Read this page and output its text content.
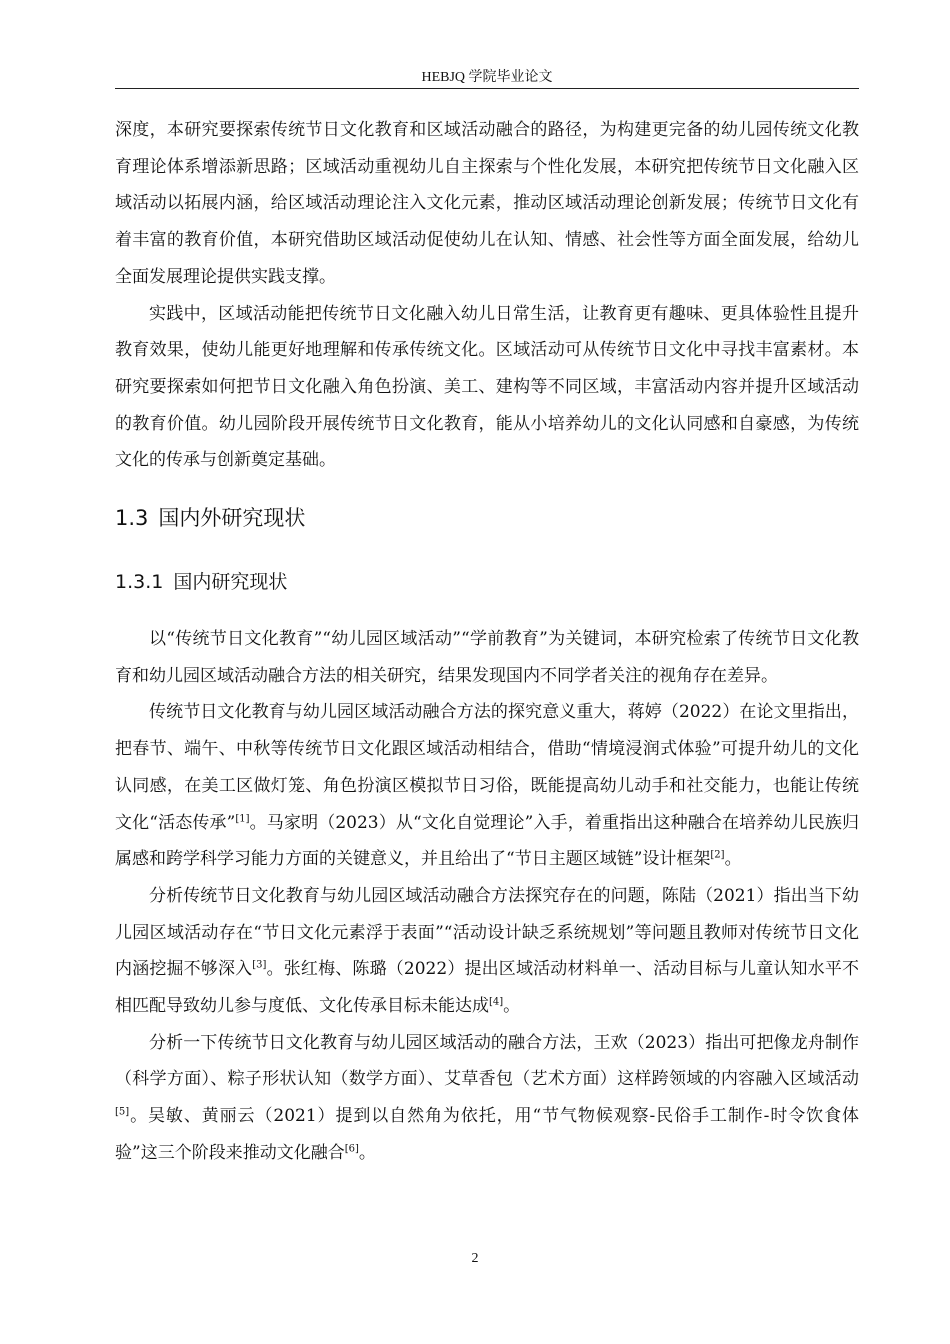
HEBJQ 学院毕业论文

深度，本研究要探索传统节日文化教育和区域活动融合的路径，为构建更完备的幼儿园传统文化教育理论体系增添新思路；区域活动重视幼儿自主探索与个性化发展，本研究把传统节日文化融入区域活动以拓展内涵，给区域活动理论注入文化元素，推动区域活动理论创新发展；传统节日文化有着丰富的教育价值，本研究借助区域活动促使幼儿在认知、情感、社会性等方面全面发展，给幼儿全面发展理论提供实践支撑。

实践中，区域活动能把传统节日文化融入幼儿日常生活，让教育更有趣味、更具体验性且提升教育效果，使幼儿能更好地理解和传承传统文化。区域活动可从传统节日文化中寻找丰富素材。本研究要探索如何把节日文化融入角色扮演、美工、建构等不同区域，丰富活动内容并提升区域活动的教育价值。幼儿园阶段开展传统节日文化教育，能从小培养幼儿的文化认同感和自豪感，为传统文化的传承与创新奠定基础。

1.3 国内外研究现状
1.3.1 国内研究现状

以“传统节日文化教育”“幼儿园区域活动”“学前教育”为关键词，本研究检索了传统节日文化教育和幼儿园区域活动融合方法的相关研究，结果发现国内不同学者关注的视角存在差异。

传统节日文化教育与幼儿园区域活动融合方法的探究意义重大，蒋婷（2022）在论文里指出，把春节、端午、中秋等传统节日文化跟区域活动相结合，借助“情境浸润式体验”可提升幼儿的文化认同感，在美工区做灯笼、角色扮演区模拟节日习俗，既能提高幼儿动手和社交能力，也能让传统文化“活态传承”[1]。马家明（2023）从“文化自觉理论”入手，着重指出这种融合在培养幼儿民族归属感和跨学科学习能力方面的关键意义，并且给出了“节日主题区域链”设计框架[2]。

分析传统节日文化教育与幼儿园区域活动融合方法探究存在的问题，陈陆（2021）指出当下幼儿园区域活动存在“节日文化元素浮于表面”“活动设计缺乏系统规划”等问题且教师对传统节日文化内涵挖掘不够深入[3]。张红梅、陈璐（2022）提出区域活动材料单一、活动目标与儿童认知水平不相匹配导致幼儿参与度低、文化传承目标未能达成[4]。

分析一下传统节日文化教育与幼儿园区域活动的融合方法，王欢（2023）指出可把像龙舟制作（科学方面）、粽子形状认知（数学方面）、艾草香包（艺术方面）这样跨领域的内容融入区域活动[5]。吴敏、黄丽云（2021）提到以自然角为依托，用“节气物候观察-民俗手工制作-时令饮食体验”这三个阶段来推动文化融合[6]。

2
